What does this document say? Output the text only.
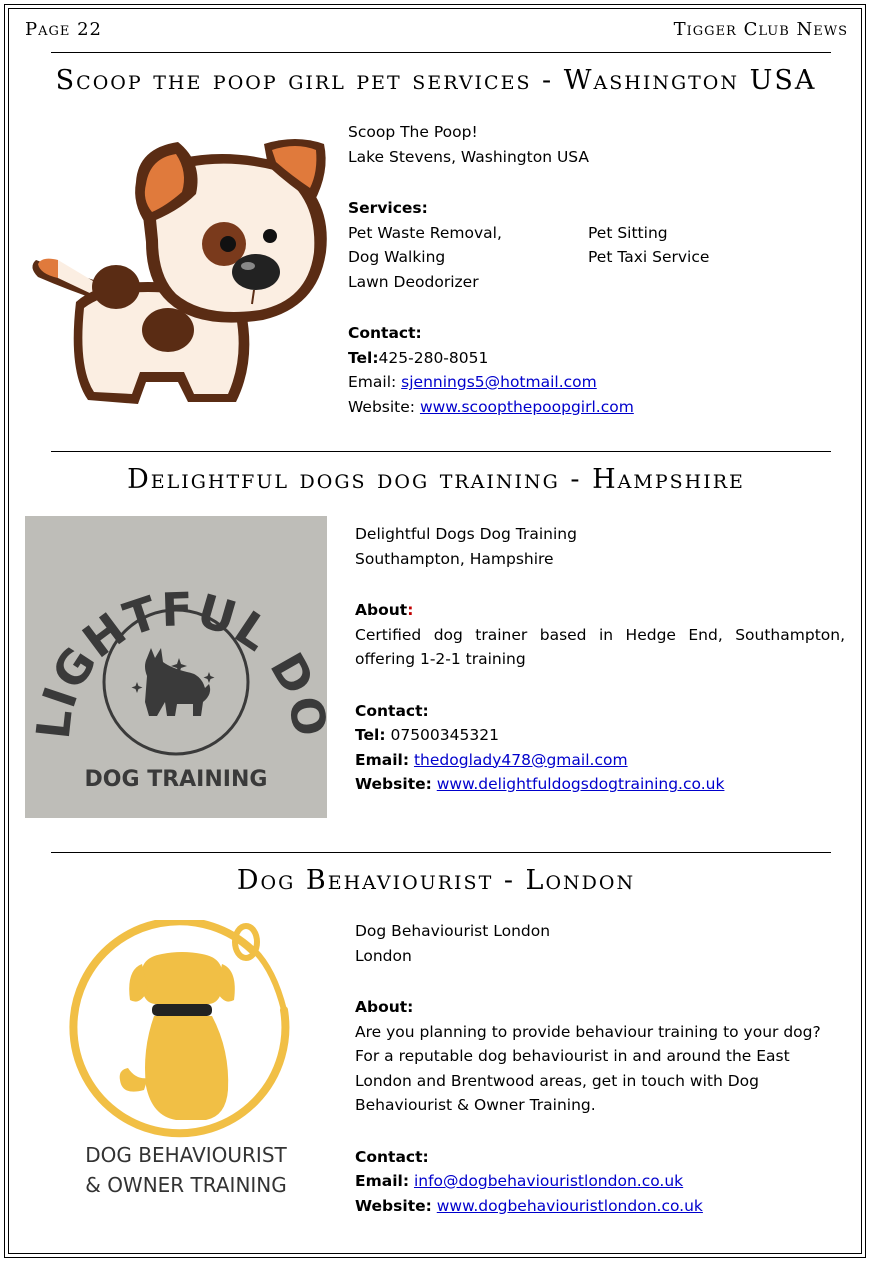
Page 22	Tigger Club News
Scoop the poop girl pet services - Washington USA
Scoop The Poop!
Lake Stevens, Washington USA
Services:
Pet Waste Removal,
Dog Walking
Lawn Deodorizer
Pet Sitting
Pet Taxi Service
Contact:
Tel:425-280-8051
Email: sjennings5@hotmail.com
Website: www.scoopthepoopgirl.com
Delightful dogs dog training - Hampshire
LIGHTFUL D
DOG TRAINING
Delightful Dogs Dog Training
Southampton, Hampshire
About:
Certified dog trainer based in Hedge End, Southampton, offering 1-2-1 training
Contact:
Tel: 07500345321
Email: thedoglady478@gmail.com
Website: www.delightfuldogsdogtraining.co.uk
Dog Behaviourist - London
DOG BEHAVIOURIST
& OWNER TRAINING
Dog Behaviourist London
London
About:
Are you planning to provide behaviour training to your dog? For a reputable dog behaviourist in and around the East London and Brentwood areas, get in touch with Dog Behaviourist & Owner Training.
Contact:
Email: info@dogbehaviouristlondon.co.uk
Website: www.dogbehaviouristlondon.co.uk
